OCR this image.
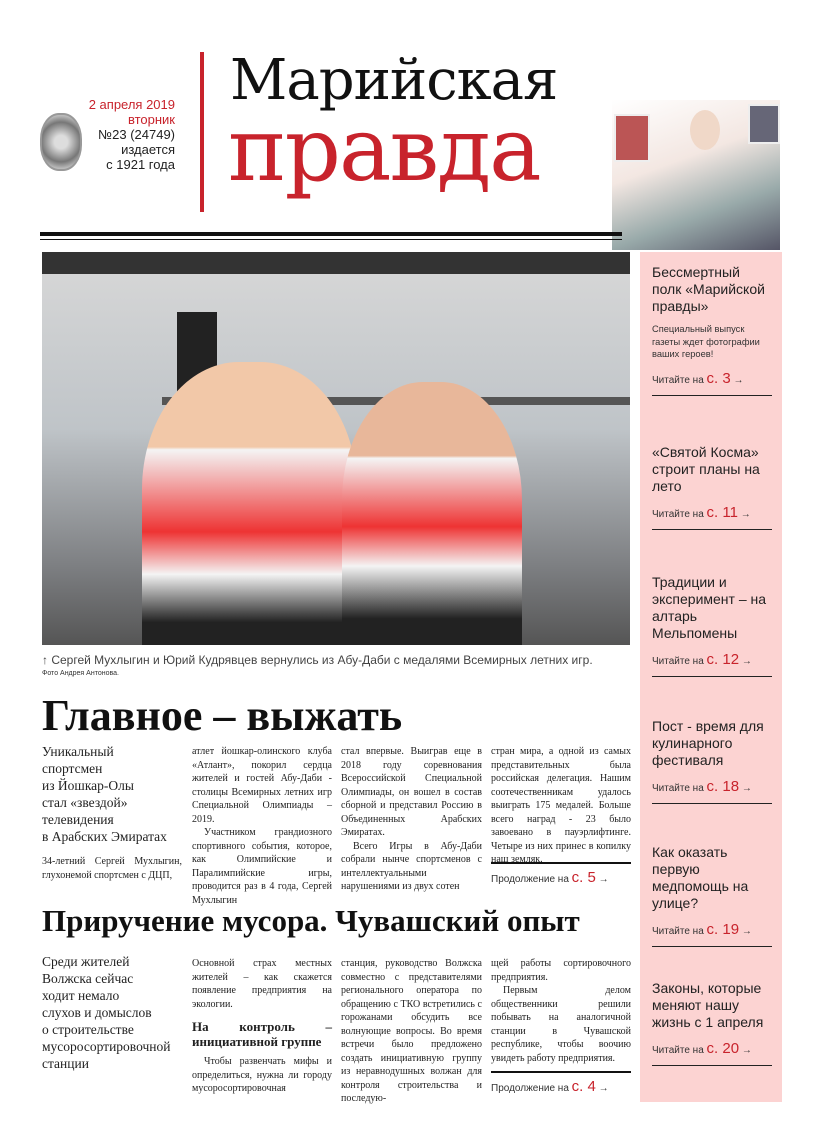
2 апреля 2019
вторник
№23 (24749)
издается
с 1921 года
Марийская
правда
↑ Сергей Мухлыгин и Юрий Кудрявцев вернулись из Абу-Даби с медалями Всемирных летних игр.
Фото Андрея Антонова.
Главное – выжать
Уникальный
спортсмен
из Йошкар-Олы
стал «звездой»
телевидения
в Арабских Эмиратах

34-летний Сергей Мухлыгин, глухонемой спортсмен с ДЦП,

атлет йошкар-олинского клуба «Атлант», покорил сердца жителей и гостей Абу-Даби - столицы Всемирных летних игр Специальной Олимпиады – 2019.

Участником грандиозного спортивного события, которое, как Олимпийские и Паралимпийские игры, проводится раз в 4 года, Сергей Мухлыгин

стал впервые. Выиграв еще в 2018 году соревнования Всероссийской Специальной Олимпиады, он вошел в состав сборной и представил Россию в Объединенных Арабских Эмиратах.

Всего Игры в Абу-Даби собрали нынче спортсменов с интеллектуальными нарушениями из двух сотен

стран мира, а одной из самых представительных была российская делегация. Нашим соотечественникам удалось выиграть 175 медалей. Больше всего наград - 23 было завоевано в пауэрлифтинге. Четыре из них принес в копилку наш земляк.

Продолжение на с. 5 →
Приручение мусора. Чувашский опыт
Среди жителей
Волжска сейчас
ходит немало
слухов и домыслов
о строительстве
мусоросортировочной
станции

Основной страх местных жителей – как скажется появление предприятия на экологии.

На контроль – инициативной группе

Чтобы развенчать мифы и определиться, нужна ли городу мусоросортировочная

станция, руководство Волжска совместно с представителями регионального оператора по обращению с ТКО встретились с горожанами обсудить все волнующие вопросы. Во время встречи было предложено создать инициативную группу из неравнодушных волжан для контроля строительства и последую-

щей работы сортировочного предприятия.

Первым делом общественники решили побывать на аналогичной станции в Чувашской республике, чтобы воочию увидеть работу предприятия.

Продолжение на с. 4 →
Бессмертный полк «Марийской правды»
Специальный выпуск газеты ждет фотографии ваших героев!
Читайте на с. 3 →
«Святой Косма» строит планы на лето
Читайте на с. 11 →
Традиции и эксперимент – на алтарь Мельпомены
Читайте на с. 12 →
Пост - время для кулинарного фестиваля
Читайте на с. 18 →
Как оказать первую медпомощь на улице?
Читайте на с. 19 →
Законы, которые меняют нашу жизнь с 1 апреля
Читайте на с. 20 →
